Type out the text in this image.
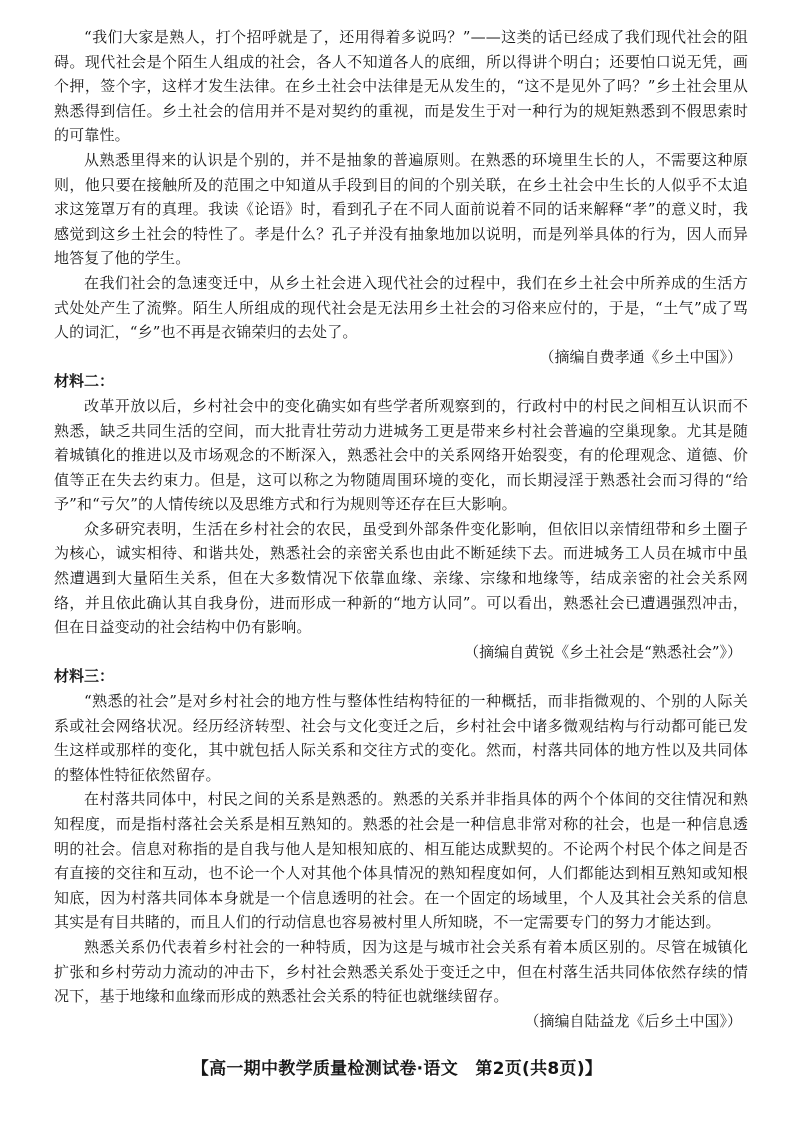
“我们大家是熟人，打个招呼就是了，还用得着多说吗？”——这类的话已经成了我们现代社会的阻碍。现代社会是个陌生人组成的社会，各人不知道各人的底细，所以得讲个明白；还要怕口说无凭，画个押，签个字，这样才发生法律。在乡土社会中法律是无从发生的，“这不是见外了吗？”乡土社会里从熟悉得到信任。乡土社会的信用并不是对契约的重视，而是发生于对一种行为的规矩熟悉到不假思索时的可靠性。

从熟悉里得来的认识是个别的，并不是抽象的普遍原则。在熟悉的环境里生长的人，不需要这种原则，他只要在接触所及的范围之中知道从手段到目的间的个别关联，在乡土社会中生长的人似乎不太追求这笼罩万有的真理。我读《论语》时，看到孔子在不同人面前说着不同的话来解释“孝”的意义时，我感觉到这乡土社会的特性了。孝是什么？孔子并没有抽象地加以说明，而是列举具体的行为，因人而异地答复了他的学生。

在我们社会的急速变迁中，从乡土社会进入现代社会的过程中，我们在乡土社会中所养成的生活方式处处产生了流弊。陌生人所组成的现代社会是无法用乡土社会的习俗来应付的，于是，“土气”成了骂人的词汇，“乡”也不再是衣锦荣归的去处了。

（摘编自费孝通《乡土中国》）

材料二：

改革开放以后，乡村社会中的变化确实如有些学者所观察到的，行政村中的村民之间相互认识而不熟悉，缺乏共同生活的空间，而大批青壮劳动力进城务工更是带来乡村社会普遍的空巢现象。尤其是随着城镇化的推进以及市场观念的不断深入，熟悉社会中的关系网络开始裂变，有的伦理观念、道德、价值等正在失去约束力。但是，这可以称之为物随周围环境的变化，而长期浸淫于熟悉社会而习得的“给予”和“亏欠”的人情传统以及思维方式和行为规则等还存在巨大影响。

众多研究表明，生活在乡村社会的农民，虽受到外部条件变化影响，但依旧以亲情纽带和乡土圈子为核心，诚实相待、和谐共处，熟悉社会的亲密关系也由此不断延续下去。而进城务工人员在城市中虽然遭遇到大量陌生关系，但在大多数情况下依靠血缘、亲缘、宗缘和地缘等，结成亲密的社会关系网络，并且依此确认其自我身份，进而形成一种新的“地方认同”。可以看出，熟悉社会已遭遇强烈冲击，但在日益变动的社会结构中仍有影响。

（摘编自黄锐《乡土社会是“熟悉社会”》）

材料三：

“熟悉的社会”是对乡村社会的地方性与整体性结构特征的一种概括，而非指微观的、个别的人际关系或社会网络状况。经历经济转型、社会与文化变迁之后，乡村社会中诸多微观结构与行动都可能已发生这样或那样的变化，其中就包括人际关系和交往方式的变化。然而，村落共同体的地方性以及共同体的整体性特征依然留存。

在村落共同体中，村民之间的关系是熟悉的。熟悉的关系并非指具体的两个个体间的交往情况和熟知程度，而是指村落社会关系是相互熟知的。熟悉的社会是一种信息非常对称的社会，也是一种信息透明的社会。信息对称指的是自我与他人是知根知底的、相互能达成默契的。不论两个村民个体之间是否有直接的交往和互动，也不论一个人对其他个体具情况的熟知程度如何，人们都能达到相互熟知或知根知底，因为村落共同体本身就是一个信息透明的社会。在一个固定的场域里，个人及其社会关系的信息其实是有目共睹的，而且人们的行动信息也容易被村里人所知晓，不一定需要专门的努力才能达到。

熟悉关系仍代表着乡村社会的一种特质，因为这是与城市社会关系有着本质区别的。尽管在城镇化扩张和乡村劳动力流动的冲击下，乡村社会熟悉关系处于变迁之中，但在村落生活共同体依然存续的情况下，基于地缘和血缘而形成的熟悉社会关系的特征也就继续留存。

（摘编自陆益龙《后乡土中国》）

【高一期中教学质量检测试卷·语文　第2页(共8页)】
